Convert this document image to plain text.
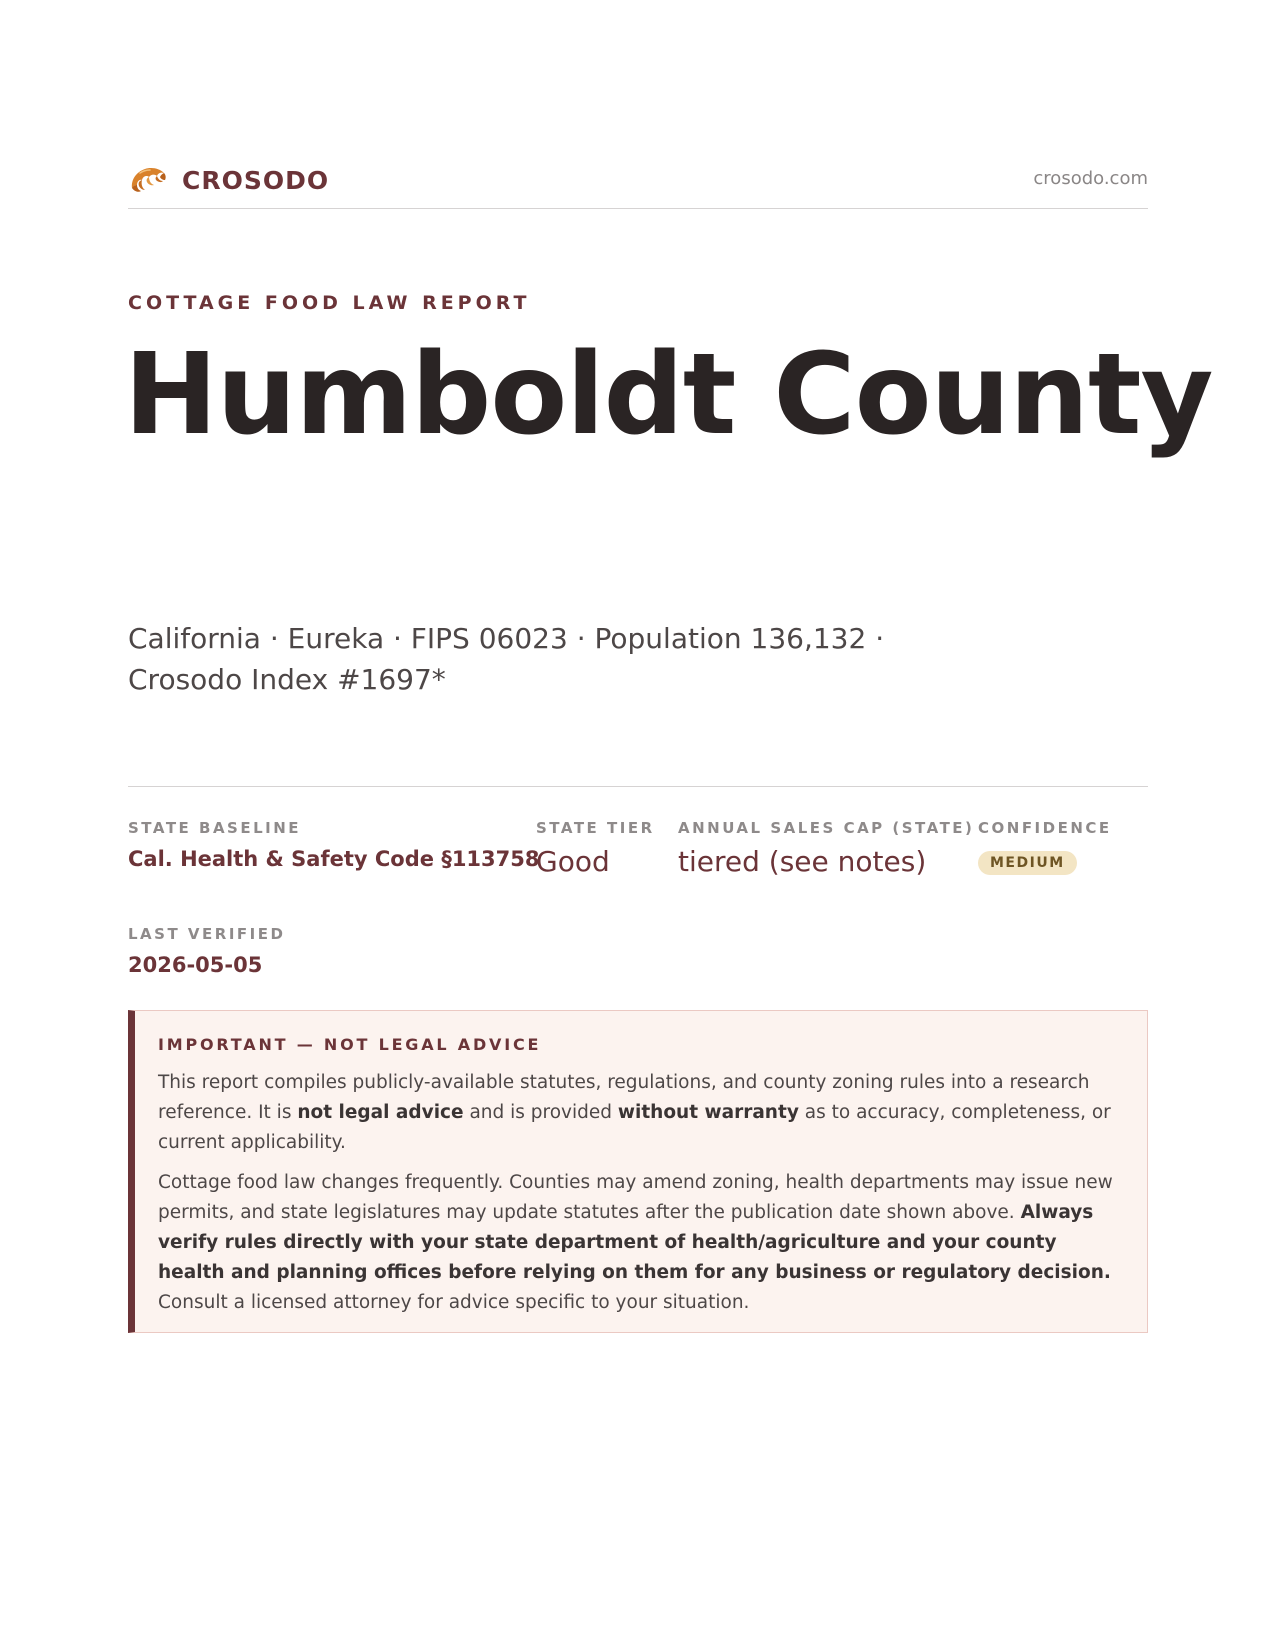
CROSODO	crosodo.com
COTTAGE FOOD LAW REPORT
Humboldt County
California · Eureka · FIPS 06023 · Population 136,132 ·
Crosodo Index #1697*
STATE BASELINE
Cal. Health & Safety Code §113758
STATE TIER
Good
ANNUAL SALES CAP (STATE)
tiered (see notes)
CONFIDENCE
MEDIUM
LAST VERIFIED
2026-05-05
IMPORTANT — NOT LEGAL ADVICE

This report compiles publicly-available statutes, regulations, and county zoning rules into a research reference. It is not legal advice and is provided without warranty as to accuracy, completeness, or current applicability.

Cottage food law changes frequently. Counties may amend zoning, health departments may issue new permits, and state legislatures may update statutes after the publication date shown above. Always verify rules directly with your state department of health/agriculture and your county health and planning offices before relying on them for any business or regulatory decision. Consult a licensed attorney for advice specific to your situation.
